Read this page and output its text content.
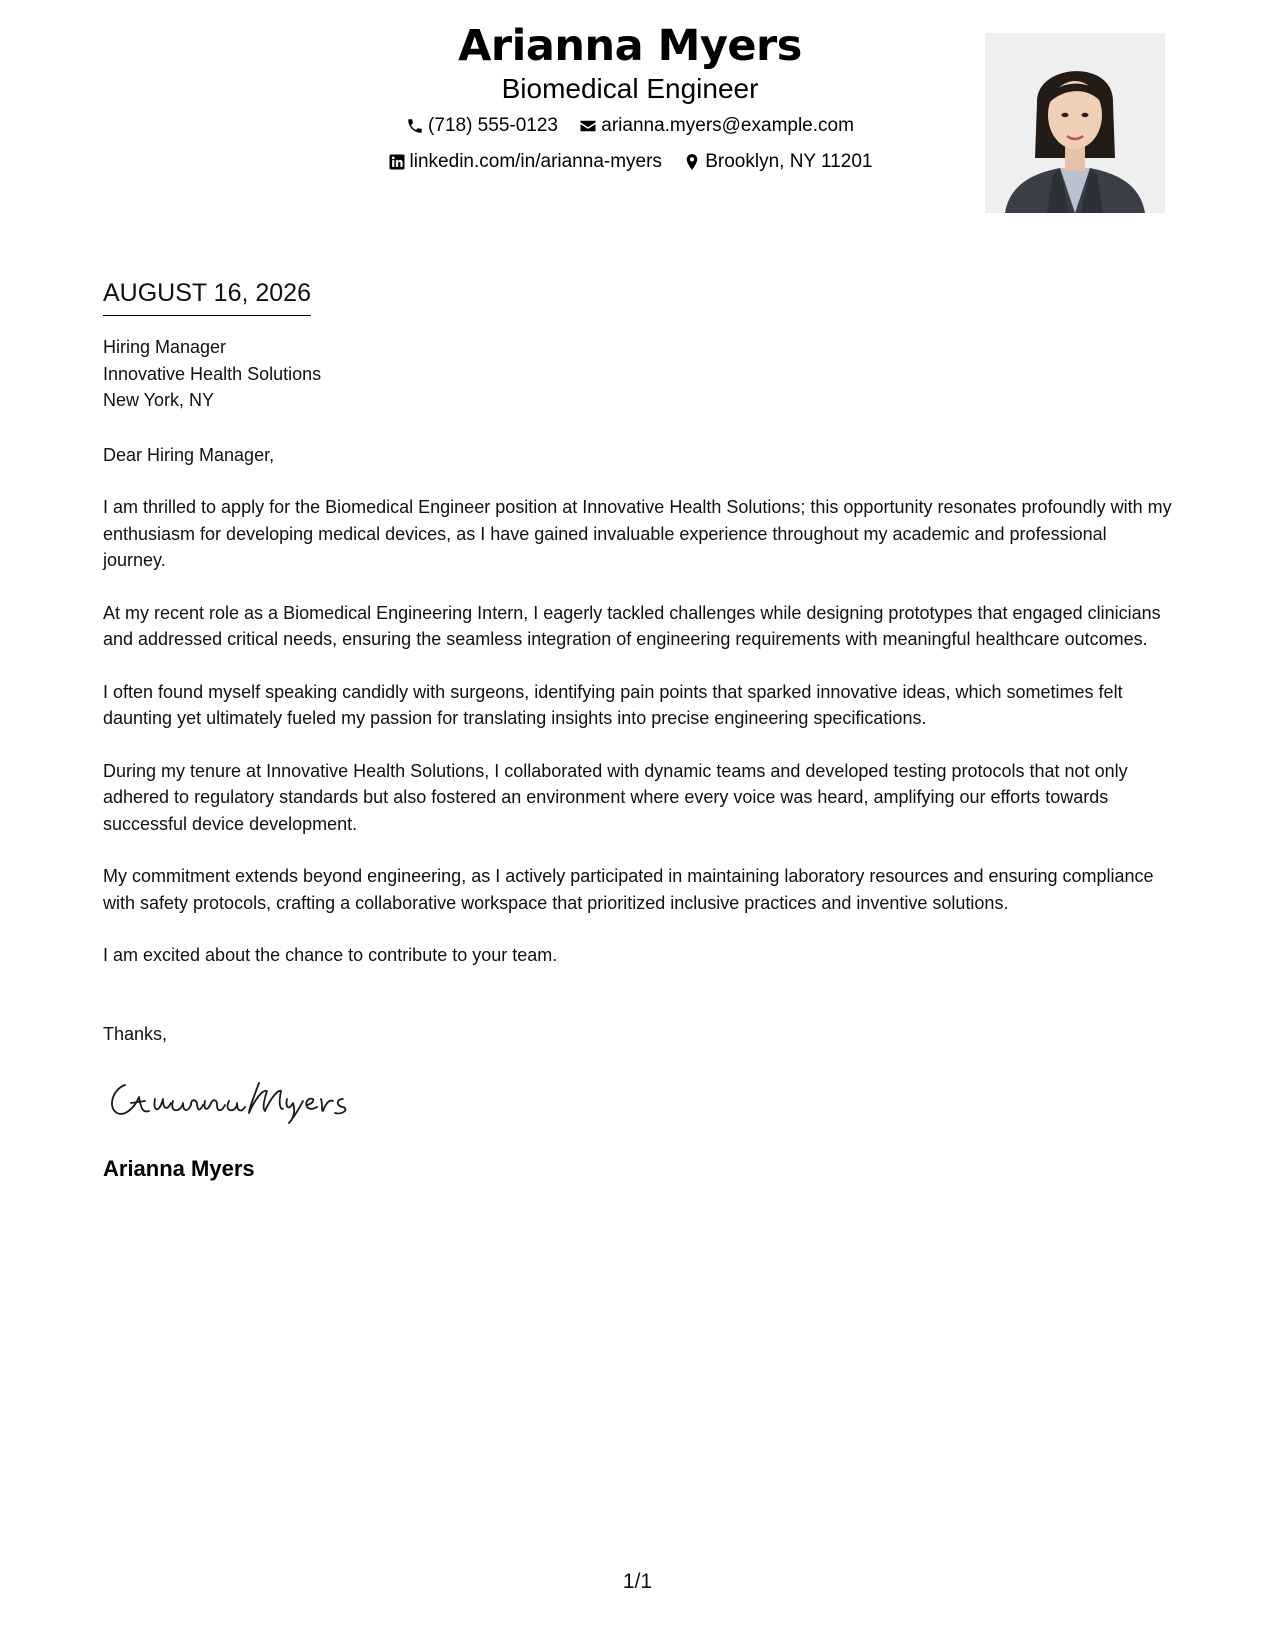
Arianna Myers
Biomedical Engineer
(718) 555-0123
arianna.myers@example.com
linkedin.com/in/arianna-myers
Brooklyn, NY 11201
AUGUST 16, 2026
Hiring Manager
Innovative Health Solutions
New York, NY
Dear Hiring Manager,
I am thrilled to apply for the Biomedical Engineer position at Innovative Health Solutions; this opportunity resonates profoundly with my enthusiasm for developing medical devices, as I have gained invaluable experience throughout my academic and professional journey.
At my recent role as a Biomedical Engineering Intern, I eagerly tackled challenges while designing prototypes that engaged clinicians and addressed critical needs, ensuring the seamless integration of engineering requirements with meaningful healthcare outcomes.
I often found myself speaking candidly with surgeons, identifying pain points that sparked innovative ideas, which sometimes felt daunting yet ultimately fueled my passion for translating insights into precise engineering specifications.
During my tenure at Innovative Health Solutions, I collaborated with dynamic teams and developed testing protocols that not only adhered to regulatory standards but also fostered an environment where every voice was heard, amplifying our efforts towards successful device development.
My commitment extends beyond engineering, as I actively participated in maintaining laboratory resources and ensuring compliance with safety protocols, crafting a collaborative workspace that prioritized inclusive practices and inventive solutions.
I am excited about the chance to contribute to your team.
Thanks,
Arianna Myers
1/1
